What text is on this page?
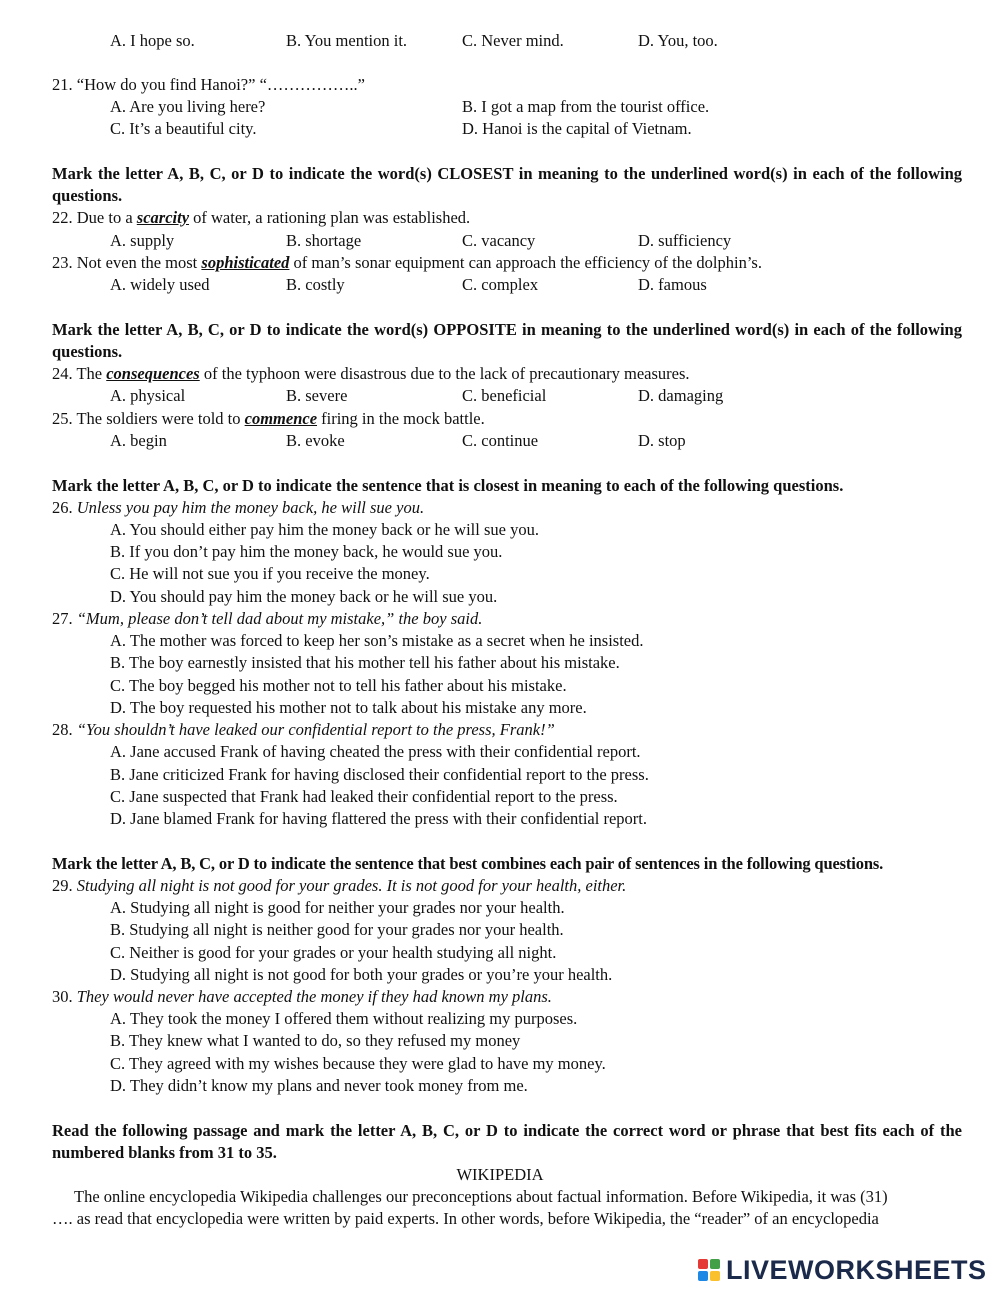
A. I hope so.	B. You mention it.	C. Never mind.	D. You, too.
21. “How do you find Hanoi?” “……………..”
A. Are you living here?	B. I got a map from the tourist office.
C. It’s a beautiful city.	D. Hanoi is the capital of Vietnam.
Mark the letter A, B, C, or D to indicate the word(s) CLOSEST in meaning to the underlined word(s) in each of the following questions.
22. Due to a scarcity of water, a rationing plan was established.
A. supply	B. shortage	C. vacancy	D. sufficiency
23. Not even the most sophisticated of man’s sonar equipment can approach the efficiency of the dolphin’s.
A. widely used	B. costly	C. complex	D. famous
Mark the letter A, B, C, or D to indicate the word(s) OPPOSITE in meaning to the underlined word(s) in each of the following questions.
24. The consequences of the typhoon were disastrous due to the lack of precautionary measures.
A. physical	B. severe	C. beneficial	D. damaging
25. The soldiers were told to commence firing in the mock battle.
A. begin	B. evoke	C. continue	D. stop
Mark the letter A, B, C, or D to indicate the sentence that is closest in meaning to each of the following questions.
26. Unless you pay him the money back, he will sue you.
A. You should either pay him the money back or he will sue you.
B. If you don’t pay him the money back, he would sue you.
C. He will not sue you if you receive the money.
D. You should pay him the money back or he will sue you.
27. “Mum, please don’t tell dad about my mistake,” the boy said.
A. The mother was forced to keep her son’s mistake as a secret when he insisted.
B. The boy earnestly insisted that his mother tell his father about his mistake.
C. The boy begged his mother not to tell his father about his mistake.
D. The boy requested his mother not to talk about his mistake any more.
28. “You shouldn’t have leaked our confidential report to the press, Frank!”
A. Jane accused Frank of having cheated the press with their confidential report.
B. Jane criticized Frank for having disclosed their confidential report to the press.
C. Jane suspected that Frank had leaked their confidential report to the press.
D. Jane blamed Frank for having flattered the press with their confidential report.
Mark the letter A, B, C, or D to indicate the sentence that best combines each pair of sentences in the following questions.
29. Studying all night is not good for your grades. It is not good for your health, either.
A. Studying all night is good for neither your grades nor your health.
B. Studying all night is neither good for your grades nor your health.
C. Neither is good for your grades or your health studying all night.
D. Studying all night is not good for both your grades or you’re your health.
30. They would never have accepted the money if they had known my plans.
A. They took the money I offered them without realizing my purposes.
B. They knew what I wanted to do, so they refused my money
C. They agreed with my wishes because they were glad to have my money.
D. They didn’t know my plans and never took money from me.
Read the following passage and mark the letter A, B, C, or D to indicate the correct word or phrase that best fits each of the numbered blanks from 31 to 35.
WIKIPEDIA
The online encyclopedia Wikipedia challenges our preconceptions about factual information. Before Wikipedia, it was (31)
…. as read that encyclopedia were written by paid experts. In other words, before Wikipedia, the “reader” of an encyclopedia
LIVEWORKSHEETS
